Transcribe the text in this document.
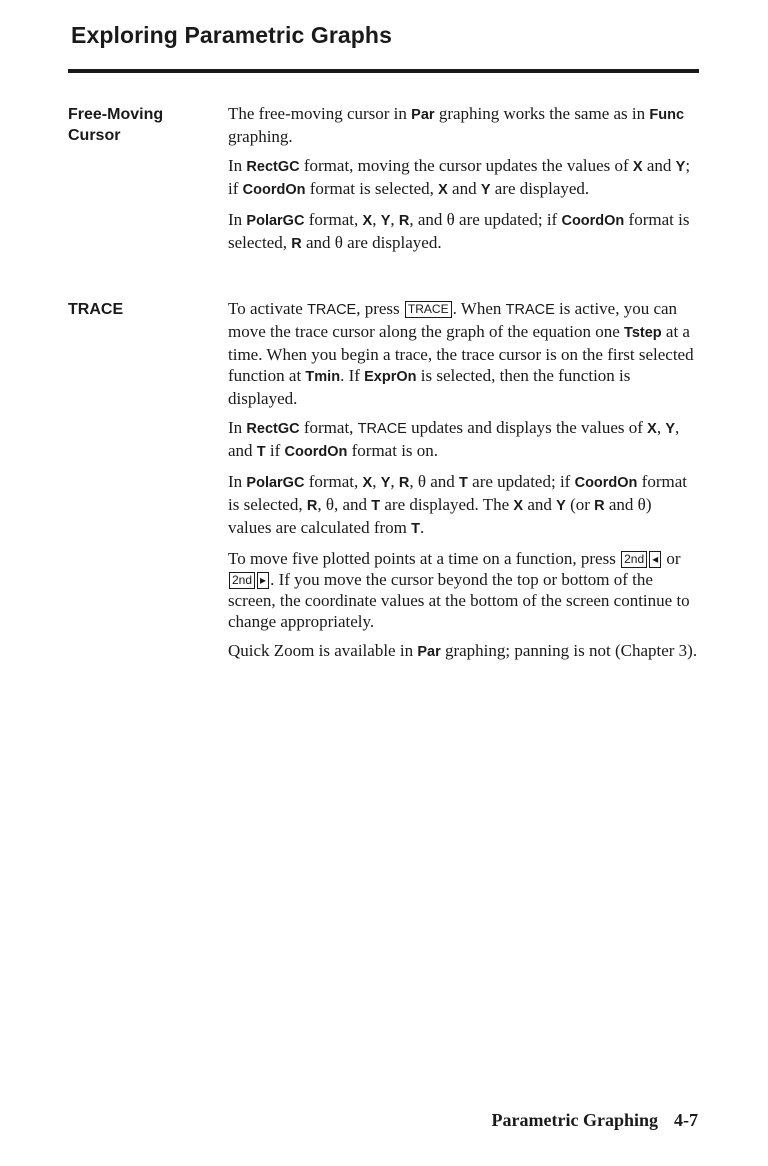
Exploring Parametric Graphs
Free-Moving
Cursor

The free-moving cursor in Par graphing works the same as in Func graphing.

In RectGC format, moving the cursor updates the values of X and Y; if CoordOn format is selected, X and Y are displayed.

In PolarGC format, X, Y, R, and θ are updated; if CoordOn format is selected, R and θ are displayed.

TRACE	To activate TRACE, press TRACE . When TRACE is active, you can move the trace cursor along the graph of the equation one Tstep at a time. When you begin a trace, the trace cursor is on the first selected function at Tmin. If ExprOn is selected, then the function is displayed.

In RectGC format, TRACE updates and displays the values of X, Y, and T if CoordOn format is on.

In PolarGC format, X, Y, R, θ and T are updated; if CoordOn format is selected, R, θ, and T are displayed. The X and Y (or R and θ) values are calculated from T.

To move five plotted points at a time on a function, press 2nd ◂ or 2nd ▸ . If you move the cursor beyond the top or bottom of the screen, the coordinate values at the bottom of the screen continue to change appropriately.

Quick Zoom is available in Par graphing; panning is not (Chapter 3).

Parametric Graphing 4-7
